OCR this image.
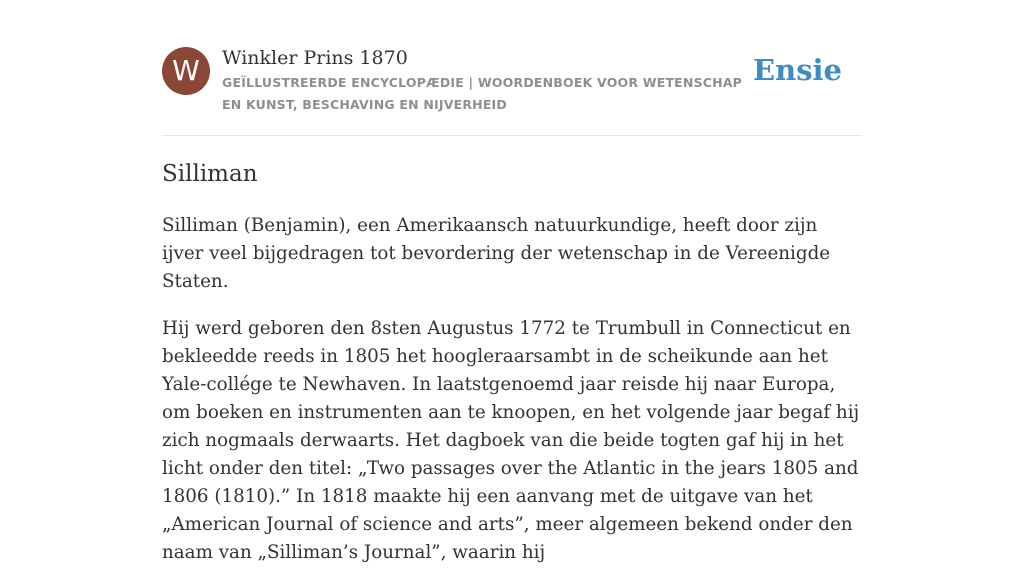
W	Winkler Prins 1870
GEÏLLUSTREERDE ENCYCLOPÆDIE | WOORDENBOEK VOOR WETENSCHAP EN KUNST, BESCHAVING EN NIJVERHEID
Ensie
Silliman

Silliman (Benjamin), een Amerikaansch natuurkundige, heeft door zijn ijver veel bijgedragen tot bevordering der wetenschap in de Vereenigde Staten.

Hij werd geboren den 8sten Augustus 1772 te Trumbull in Connecticut en bekleedde reeds in 1805 het hoogleraarsambt in de scheikunde aan het Yale-collége te Newhaven. In laatstgenoemd jaar reisde hij naar Europa, om boeken en instrumenten aan te knoopen, en het volgende jaar begaf hij zich nogmaals derwaarts. Het dagboek van die beide togten gaf hij in het licht onder den titel: „Two passages over the Atlantic in the jears 1805 and 1806 (1810).” In 1818 maakte hij een aanvang met de uitgave van het „American Journal of science and arts”, meer algemeen bekend onder den naam van „Silliman’s Journal”, waarin hij
